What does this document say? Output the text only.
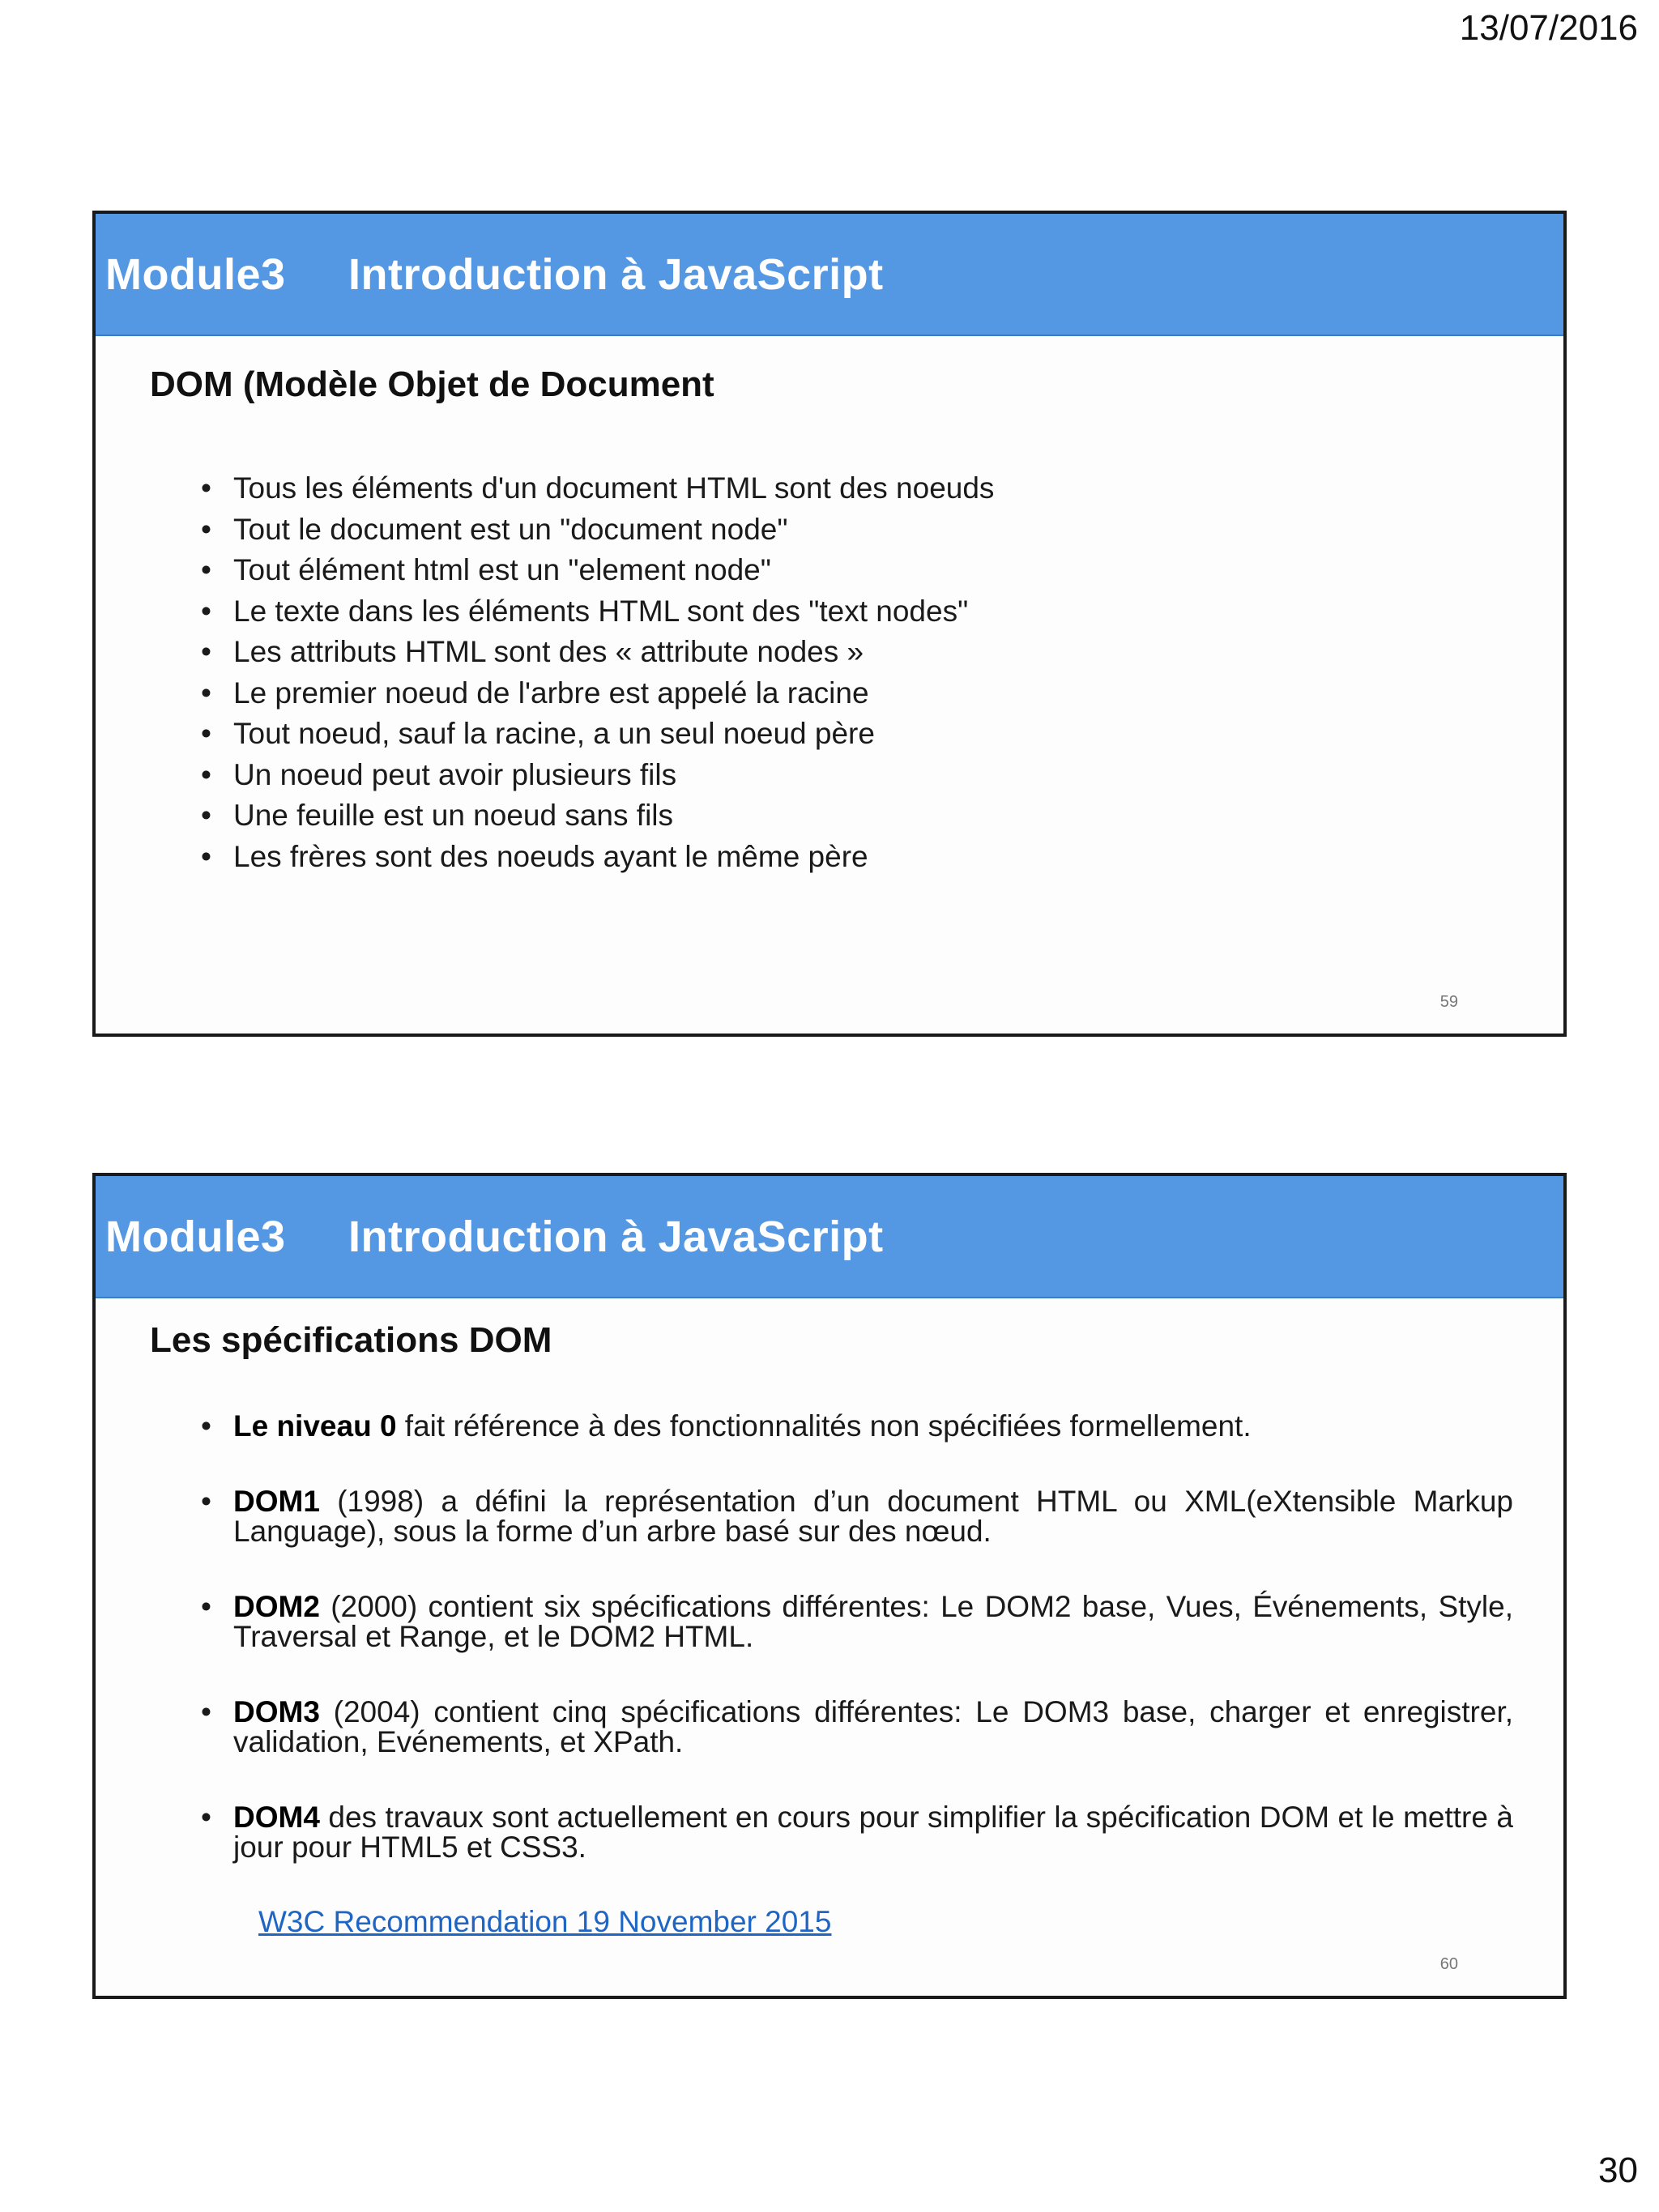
13/07/2016
Module3	Introduction à JavaScript
DOM (Modèle Objet de Document
• Tous les éléments d'un document HTML sont des noeuds
• Tout le document est un "document node"
• Tout élément html est un "element node"
• Le texte dans les éléments HTML sont des "text nodes"
• Les attributs HTML sont des « attribute nodes »
• Le premier noeud de l'arbre est appelé la racine
• Tout noeud, sauf la racine, a un seul noeud père
• Un noeud peut avoir plusieurs fils
• Une feuille est un noeud sans fils
• Les frères sont des noeuds ayant le même père
59
Module3	Introduction à JavaScript
Les spécifications DOM
• Le niveau 0 fait référence à des fonctionnalités non spécifiées formellement.
• DOM1 (1998) a défini la représentation d’un document HTML ou XML(eXtensible Markup Language), sous la forme d’un arbre basé sur des nœud.
• DOM2 (2000) contient six spécifications différentes: Le DOM2 base, Vues, Événements, Style, Traversal et Range, et le DOM2 HTML.
• DOM3 (2004) contient cinq spécifications différentes: Le DOM3 base, charger et enregistrer, validation, Evénements, et XPath.
• DOM4 des travaux sont actuellement en cours pour simplifier la spécification DOM et le mettre à jour pour HTML5 et CSS3.
W3C Recommendation 19 November 2015
60
30
